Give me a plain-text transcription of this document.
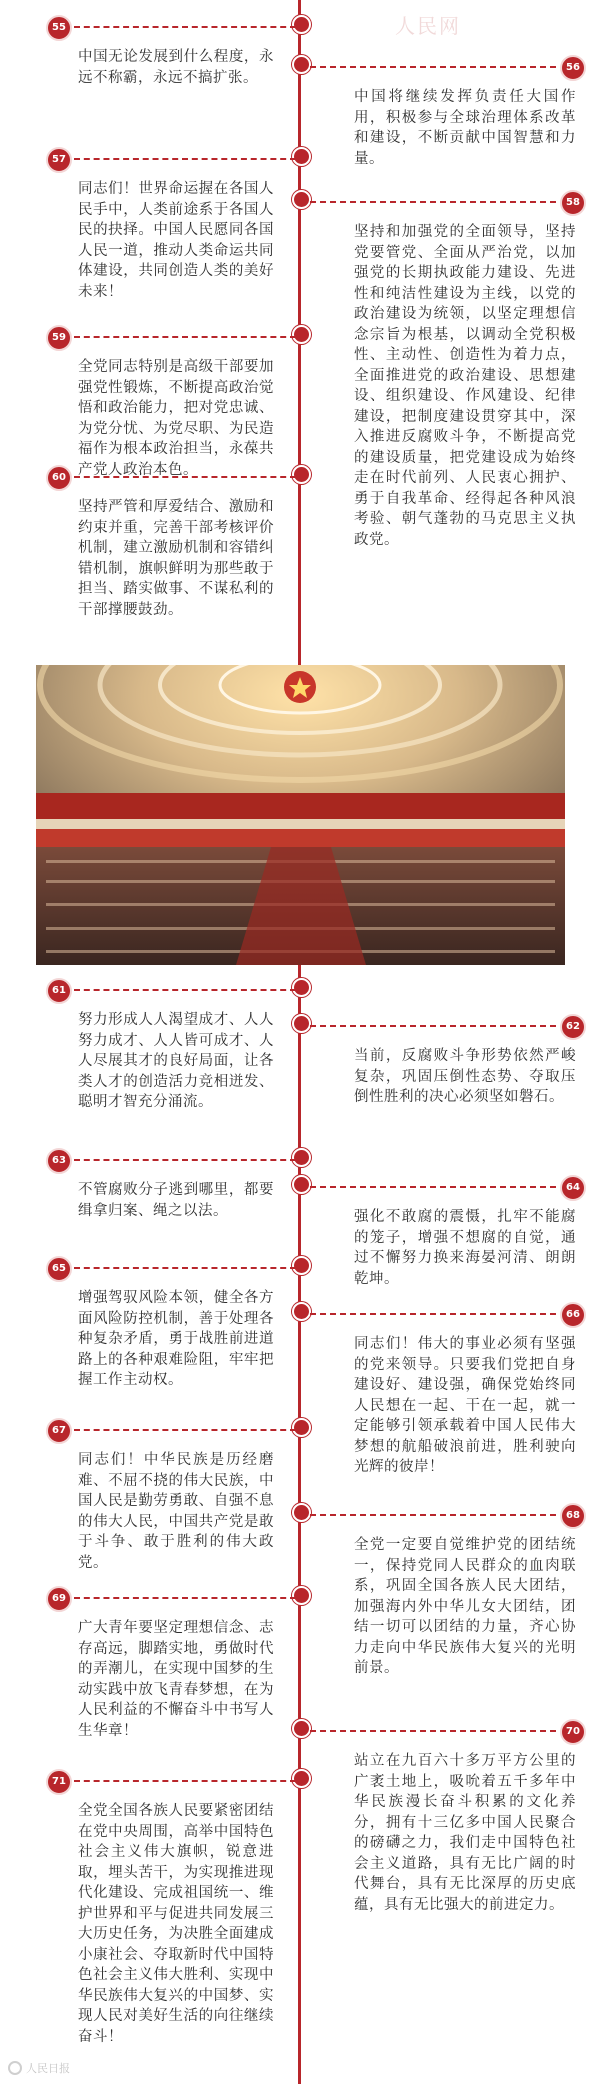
人民网
55

中国无论发展到什么程度，永远不称霸，永远不搞扩张。

57

同志们！世界命运握在各国人民手中，人类前途系于各国人民的抉择。中国人民愿同各国人民一道，推动人类命运共同体建设，共同创造人类的美好未来！

59

全党同志特别是高级干部要加强党性锻炼，不断提高政治觉悟和政治能力，把对党忠诚、为党分忧、为党尽职、为民造福作为根本政治担当，永葆共产党人政治本色。

60

坚持严管和厚爱结合、激励和约束并重，完善干部考核评价机制，建立激励机制和容错纠错机制，旗帜鲜明为那些敢于担当、踏实做事、不谋私利的干部撑腰鼓劲。

56

中国将继续发挥负责任大国作用，积极参与全球治理体系改革和建设，不断贡献中国智慧和力量。

58

坚持和加强党的全面领导，坚持党要管党、全面从严治党，以加强党的长期执政能力建设、先进性和纯洁性建设为主线，以党的政治建设为统领，以坚定理想信念宗旨为根基，以调动全党积极性、主动性、创造性为着力点，全面推进党的政治建设、思想建设、组织建设、作风建设、纪律建设，把制度建设贯穿其中，深入推进反腐败斗争，不断提高党的建设质量，把党建设成为始终走在时代前列、人民衷心拥护、勇于自我革命、经得起各种风浪考验、朝气蓬勃的马克思主义执政党。

61

努力形成人人渴望成才、人人努力成才、人人皆可成才、人人尽展其才的良好局面，让各类人才的创造活力竞相迸发、聪明才智充分涌流。

63

不管腐败分子逃到哪里，都要缉拿归案、绳之以法。

65

增强驾驭风险本领，健全各方面风险防控机制，善于处理各种复杂矛盾，勇于战胜前进道路上的各种艰难险阻，牢牢把握工作主动权。

67

同志们！中华民族是历经磨难、不屈不挠的伟大民族，中国人民是勤劳勇敢、自强不息的伟大人民，中国共产党是敢于斗争、敢于胜利的伟大政党。

69

广大青年要坚定理想信念、志存高远，脚踏实地，勇做时代的弄潮儿，在实现中国梦的生动实践中放飞青春梦想，在为人民利益的不懈奋斗中书写人生华章！

71

全党全国各族人民要紧密团结在党中央周围，高举中国特色社会主义伟大旗帜，锐意进取，埋头苦干，为实现推进现代化建设、完成祖国统一、维护世界和平与促进共同发展三大历史任务，为决胜全面建成小康社会、夺取新时代中国特色社会主义伟大胜利、实现中华民族伟大复兴的中国梦、实现人民对美好生活的向往继续奋斗！

62

当前，反腐败斗争形势依然严峻复杂，巩固压倒性态势、夺取压倒性胜利的决心必须坚如磐石。

64

强化不敢腐的震慑，扎牢不能腐的笼子，增强不想腐的自觉，通过不懈努力换来海晏河清、朗朗乾坤。

66

同志们！伟大的事业必须有坚强的党来领导。只要我们党把自身建设好、建设强，确保党始终同人民想在一起、干在一起，就一定能够引领承载着中国人民伟大梦想的航船破浪前进，胜利驶向光辉的彼岸！

68

全党一定要自觉维护党的团结统一，保持党同人民群众的血肉联系，巩固全国各族人民大团结，加强海内外中华儿女大团结，团结一切可以团结的力量，齐心协力走向中华民族伟大复兴的光明前景。

70

站立在九百六十多万平方公里的广袤土地上，吸吮着五千多年中华民族漫长奋斗积累的文化养分，拥有十三亿多中国人民聚合的磅礴之力，我们走中国特色社会主义道路，具有无比广阔的时代舞台，具有无比深厚的历史底蕴，具有无比强大的前进定力。

人民日报
